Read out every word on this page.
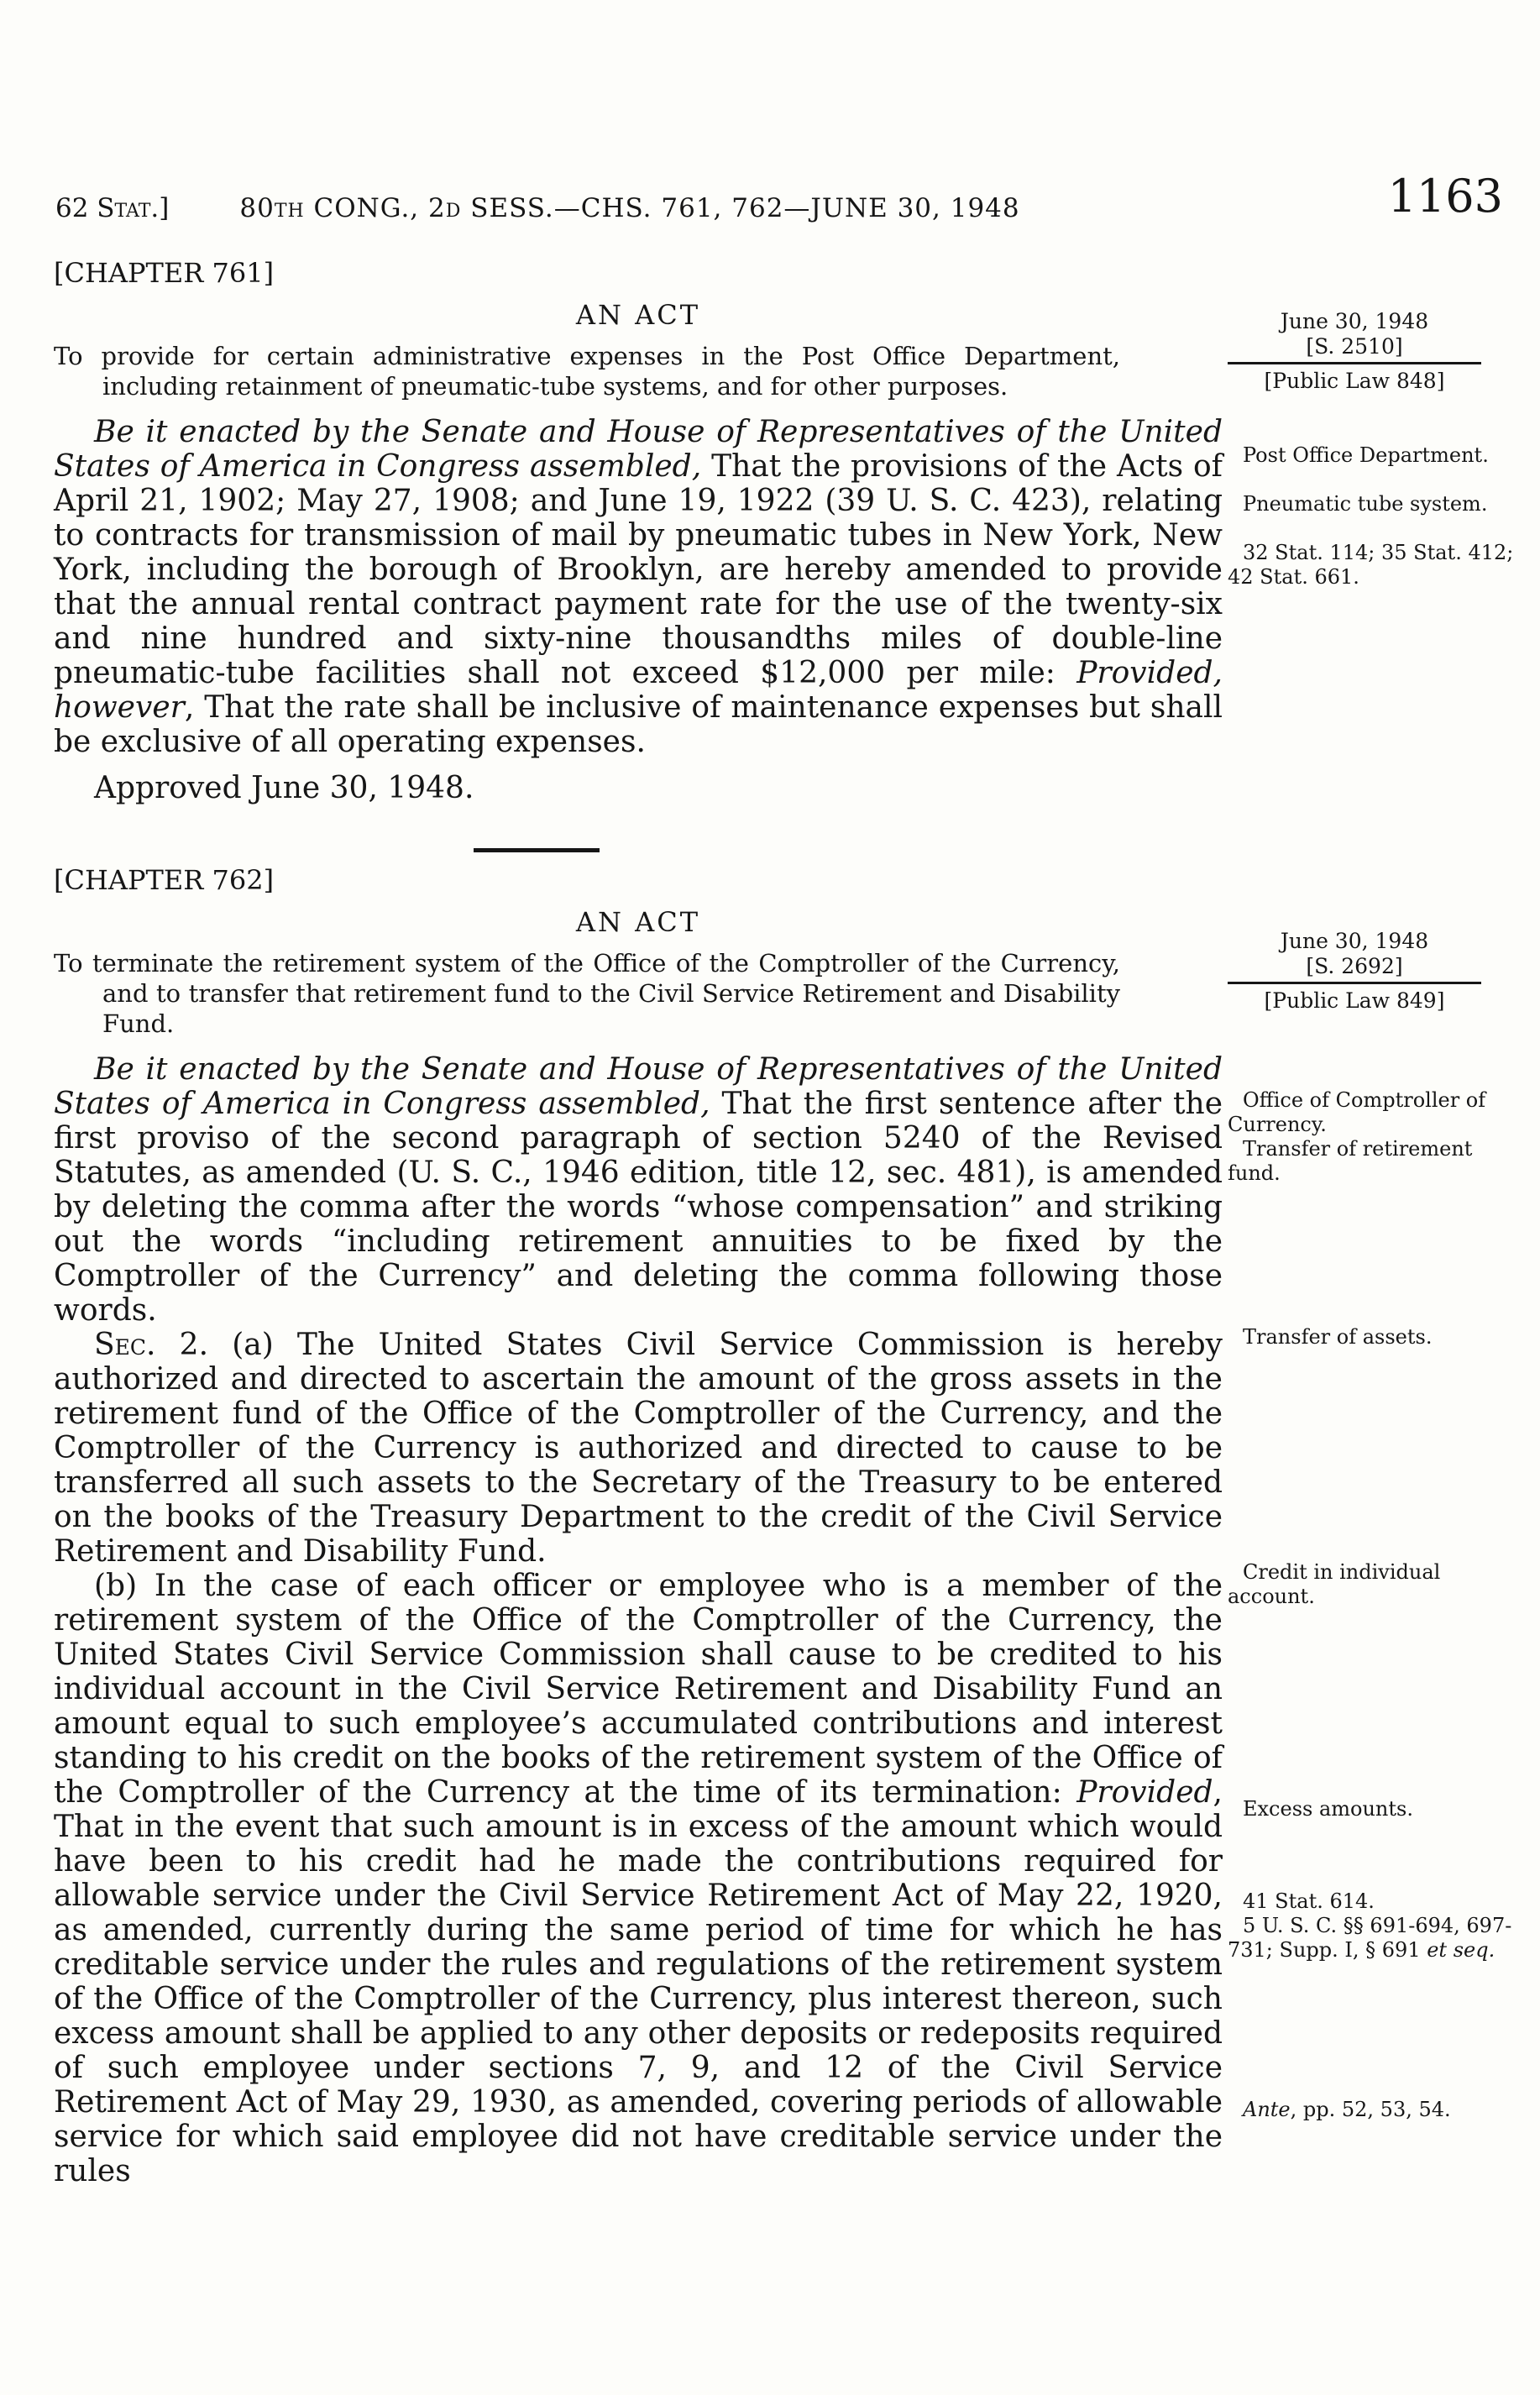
62 Stat.]	80th CONG., 2d SESS.—CHS. 761, 762—JUNE 30, 1948	1163
[CHAPTER 761]
AN ACT

To provide for certain administrative expenses in the Post Office Department, including retainment of pneumatic-tube systems, and for other purposes.

Be it enacted by the Senate and House of Representatives of the United States of America in Congress assembled, That the provisions of the Acts of April 21, 1902; May 27, 1908; and June 19, 1922 (39 U. S. C. 423), relating to contracts for transmission of mail by pneumatic tubes in New York, New York, including the borough of Brooklyn, are hereby amended to provide that the annual rental contract payment rate for the use of the twenty-six and nine hundred and sixty-nine thousandths miles of double-line pneumatic-tube facilities shall not exceed $12,000 per mile: Provided, however, That the rate shall be inclusive of maintenance expenses but shall be exclusive of all operating expenses.

Approved June 30, 1948.

[CHAPTER 762]
AN ACT

To terminate the retirement system of the Office of the Comptroller of the Currency, and to transfer that retirement fund to the Civil Service Retirement and Disability Fund.

Be it enacted by the Senate and House of Representatives of the United States of America in Congress assembled, That the first sentence after the first proviso of the second paragraph of section 5240 of the Revised Statutes, as amended (U. S. C., 1946 edition, title 12, sec. 481), is amended by deleting the comma after the words “whose compensation” and striking out the words “including retirement annuities to be fixed by the Comptroller of the Currency” and deleting the comma following those words.

Sec. 2. (a) The United States Civil Service Commission is hereby authorized and directed to ascertain the amount of the gross assets in the retirement fund of the Office of the Comptroller of the Currency, and the Comptroller of the Currency is authorized and directed to cause to be transferred all such assets to the Secretary of the Treasury to be entered on the books of the Treasury Department to the credit of the Civil Service Retirement and Disability Fund.

(b) In the case of each officer or employee who is a member of the retirement system of the Office of the Comptroller of the Currency, the United States Civil Service Commission shall cause to be credited to his individual account in the Civil Service Retirement and Disability Fund an amount equal to such employee’s accumulated contributions and interest standing to his credit on the books of the retirement system of the Office of the Comptroller of the Currency at the time of its termination: Provided, That in the event that such amount is in excess of the amount which would have been to his credit had he made the contributions required for allowable service under the Civil Service Retirement Act of May 22, 1920, as amended, currently during the same period of time for which he has creditable service under the rules and regulations of the retirement system of the Office of the Comptroller of the Currency, plus interest thereon, such excess amount shall be applied to any other deposits or redeposits required of such employee under sections 7, 9, and 12 of the Civil Service Retirement Act of May 29, 1930, as amended, covering periods of allowable service for which said employee did not have creditable service under the rules

June 30, 1948
[S. 2510]
[Public Law 848]
Post Office Department.
Pneumatic tube system.
32 Stat. 114; 35 Stat. 412; 42 Stat. 661.
June 30, 1948
[S. 2692]
[Public Law 849]
Office of Comptroller of Currency.
Transfer of retirement fund.
Transfer of assets.
Credit in individual account.
Excess amounts.
41 Stat. 614.
5 U. S. C. §§ 691-694, 697-731; Supp. I, § 691 et seq.
Ante, pp. 52, 53, 54.
